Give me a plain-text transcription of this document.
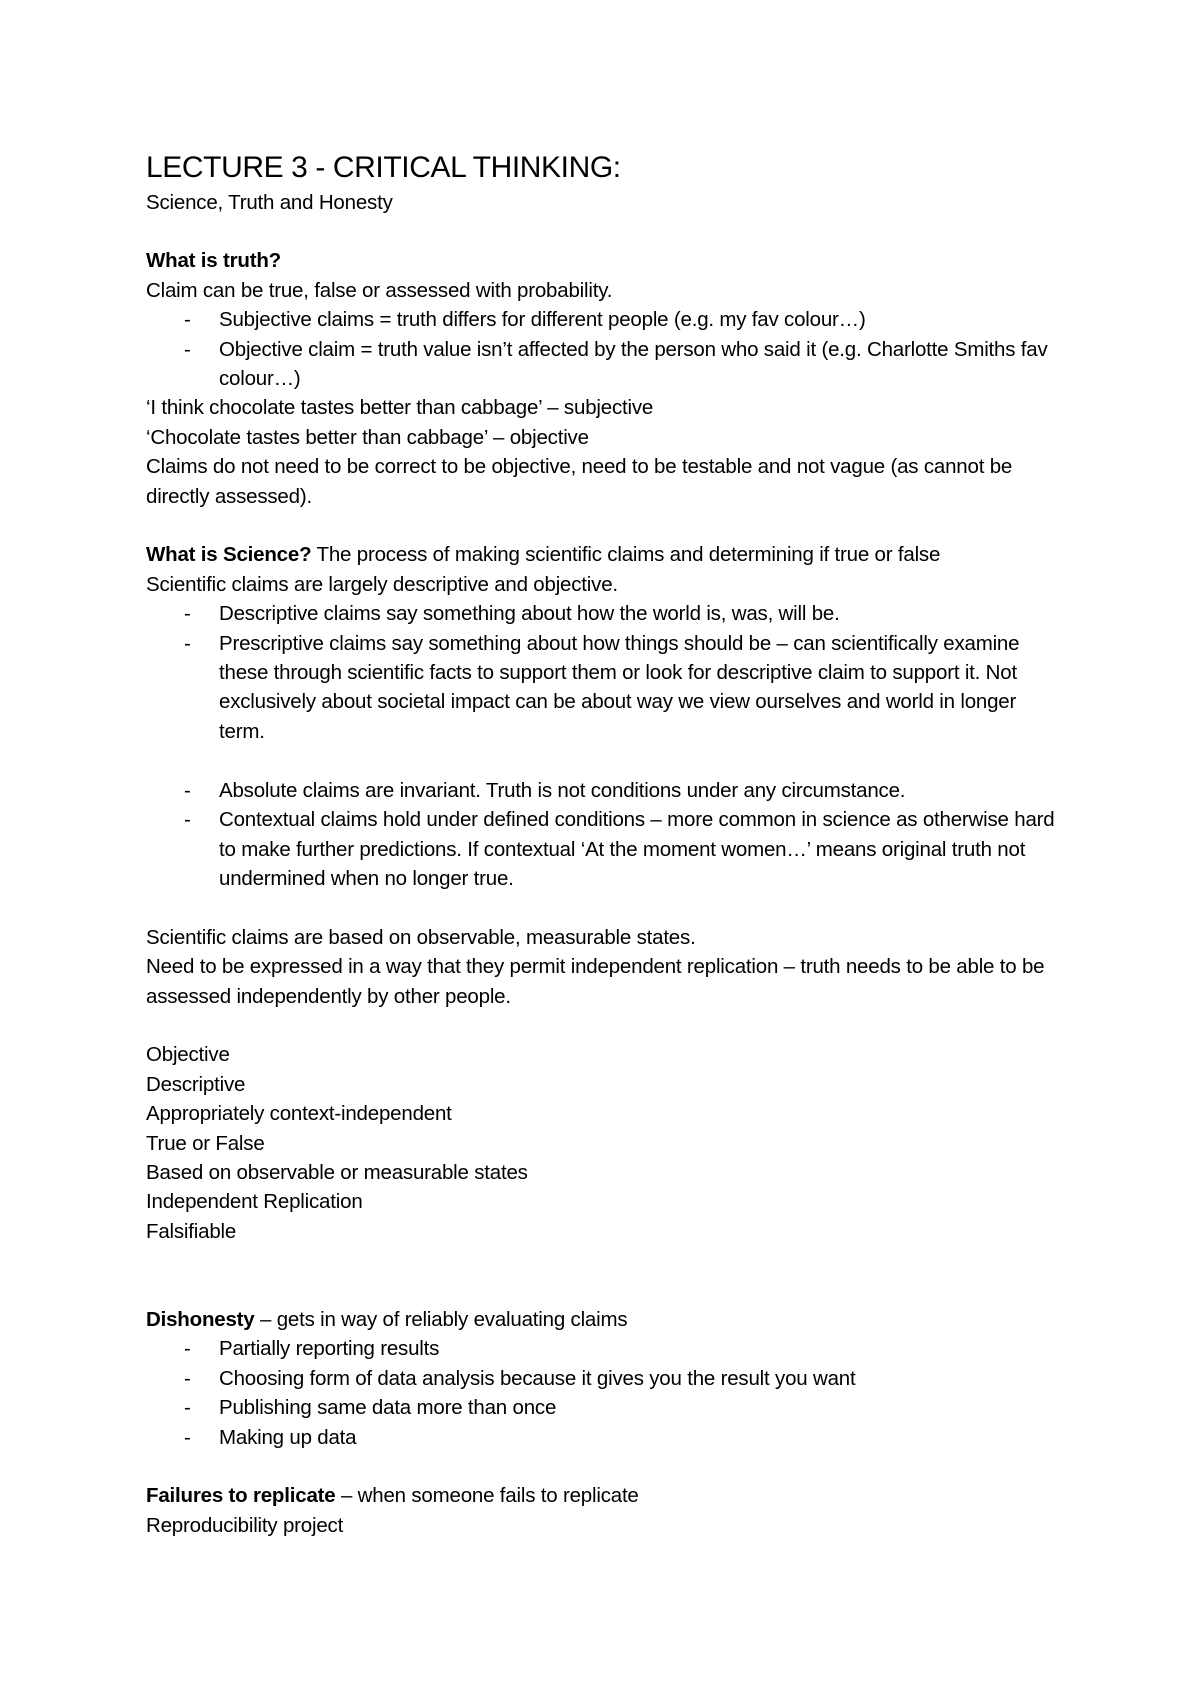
LECTURE 3 - CRITICAL THINKING:

Science, Truth and Honesty

What is truth?

Claim can be true, false or assessed with probability.

- Subjective claims = truth differs for different people (e.g. my fav colour…)
- Objective claim = truth value isn’t affected by the person who said it (e.g. Charlotte Smiths fav colour…)

‘I think chocolate tastes better than cabbage’ – subjective

‘Chocolate tastes better than cabbage’ – objective

Claims do not need to be correct to be objective, need to be testable and not vague (as cannot be directly assessed).

What is Science? The process of making scientific claims and determining if true or false

Scientific claims are largely descriptive and objective.

- Descriptive claims say something about how the world is, was, will be.
- Prescriptive claims say something about how things should be – can scientifically examine these through scientific facts to support them or look for descriptive claim to support it. Not exclusively about societal impact can be about way we view ourselves and world in longer term.
- Absolute claims are invariant. Truth is not conditions under any circumstance.
- Contextual claims hold under defined conditions – more common in science as otherwise hard to make further predictions. If contextual ‘At the moment women…’ means original truth not undermined when no longer true.

Scientific claims are based on observable, measurable states.

Need to be expressed in a way that they permit independent replication – truth needs to be able to be assessed independently by other people.

Objective

Descriptive

Appropriately context-independent

True or False

Based on observable or measurable states

Independent Replication

Falsifiable

Dishonesty – gets in way of reliably evaluating claims

- Partially reporting results
- Choosing form of data analysis because it gives you the result you want
- Publishing same data more than once
- Making up data

Failures to replicate – when someone fails to replicate

Reproducibility project
